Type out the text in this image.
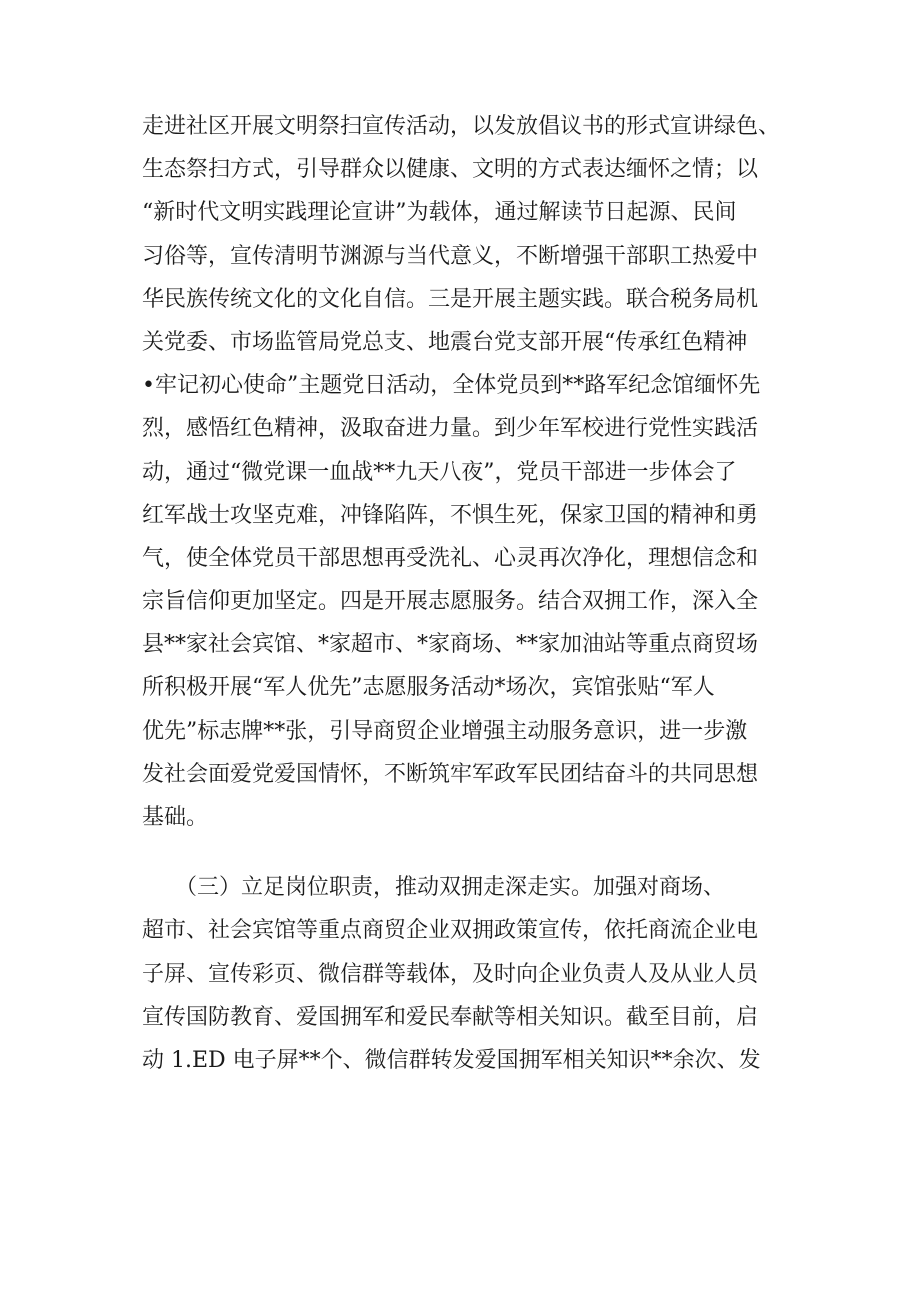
走进社区开展文明祭扫宣传活动，以发放倡议书的形式宣讲绿色、
生态祭扫方式，引导群众以健康、文明的方式表达缅怀之情；以
“新时代文明实践理论宣讲”为载体，通过解读节日起源、民间
习俗等，宣传清明节渊源与当代意义，不断增强干部职工热爱中
华民族传统文化的文化自信。三是开展主题实践。联合税务局机
关党委、市场监管局党总支、地震台党支部开展“传承红色精神
•牢记初心使命”主题党日活动，全体党员到**路军纪念馆缅怀先
烈，感悟红色精神，汲取奋进力量。到少年军校进行党性实践活
动，通过“微党课一血战**九天八夜”，党员干部进一步体会了
红军战士攻坚克难，冲锋陷阵，不惧生死，保家卫国的精神和勇
气，使全体党员干部思想再受洗礼、心灵再次净化，理想信念和
宗旨信仰更加坚定。四是开展志愿服务。结合双拥工作，深入全
县**家社会宾馆、*家超市、*家商场、**家加油站等重点商贸场
所积极开展“军人优先”志愿服务活动*场次，宾馆张贴“军人
优先”标志牌**张，引导商贸企业增强主动服务意识，进一步激
发社会面爱党爱国情怀，不断筑牢军政军民团结奋斗的共同思想
基础。
　　（三）立足岗位职责，推动双拥走深走实。加强对商场、
超市、社会宾馆等重点商贸企业双拥政策宣传，依托商流企业电
子屏、宣传彩页、微信群等载体，及时向企业负责人及从业人员
宣传国防教育、爱国拥军和爱民奉献等相关知识。截至目前，启
动 1.ED 电子屏**个、微信群转发爱国拥军相关知识**余次、发
